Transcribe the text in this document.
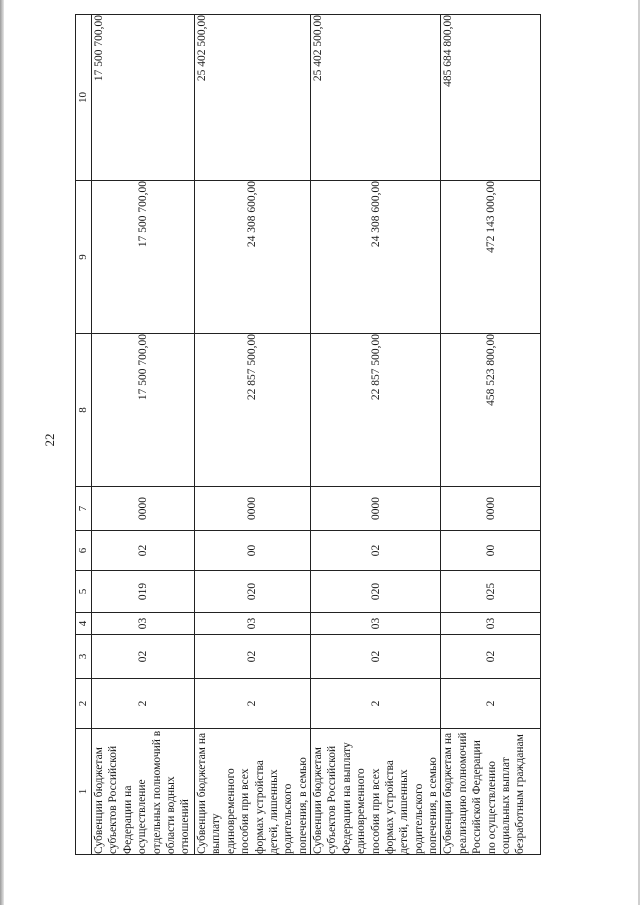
22
1	2	3	4	5	6	7	8	9	10
Субвенции бюджетам субъектов Российской Федерации на осуществление отдельных полномочий в области водных отношений	2	02	03	019	02	0000	17 500 700,00	17 500 700,00	17 500 700,00
Субвенции бюджетам на выплату единовременного пособия при всех формах устройства детей, лишенных родительского попечения, в семью	2	02	03	020	00	0000	22 857 500,00	24 308 600,00	25 402 500,00
Субвенции бюджетам субъектов Российской Федерации на выплату единовременного пособия при всех формах устройства детей, лишенных родительского попечения, в семью	2	02	03	020	02	0000	22 857 500,00	24 308 600,00	25 402 500,00
Субвенции бюджетам на реализацию полномочий Российской Федерации по осуществлению социальных выплат безработным гражданам	2	02	03	025	00	0000	458 523 800,00	472 143 000,00	485 684 800,00
